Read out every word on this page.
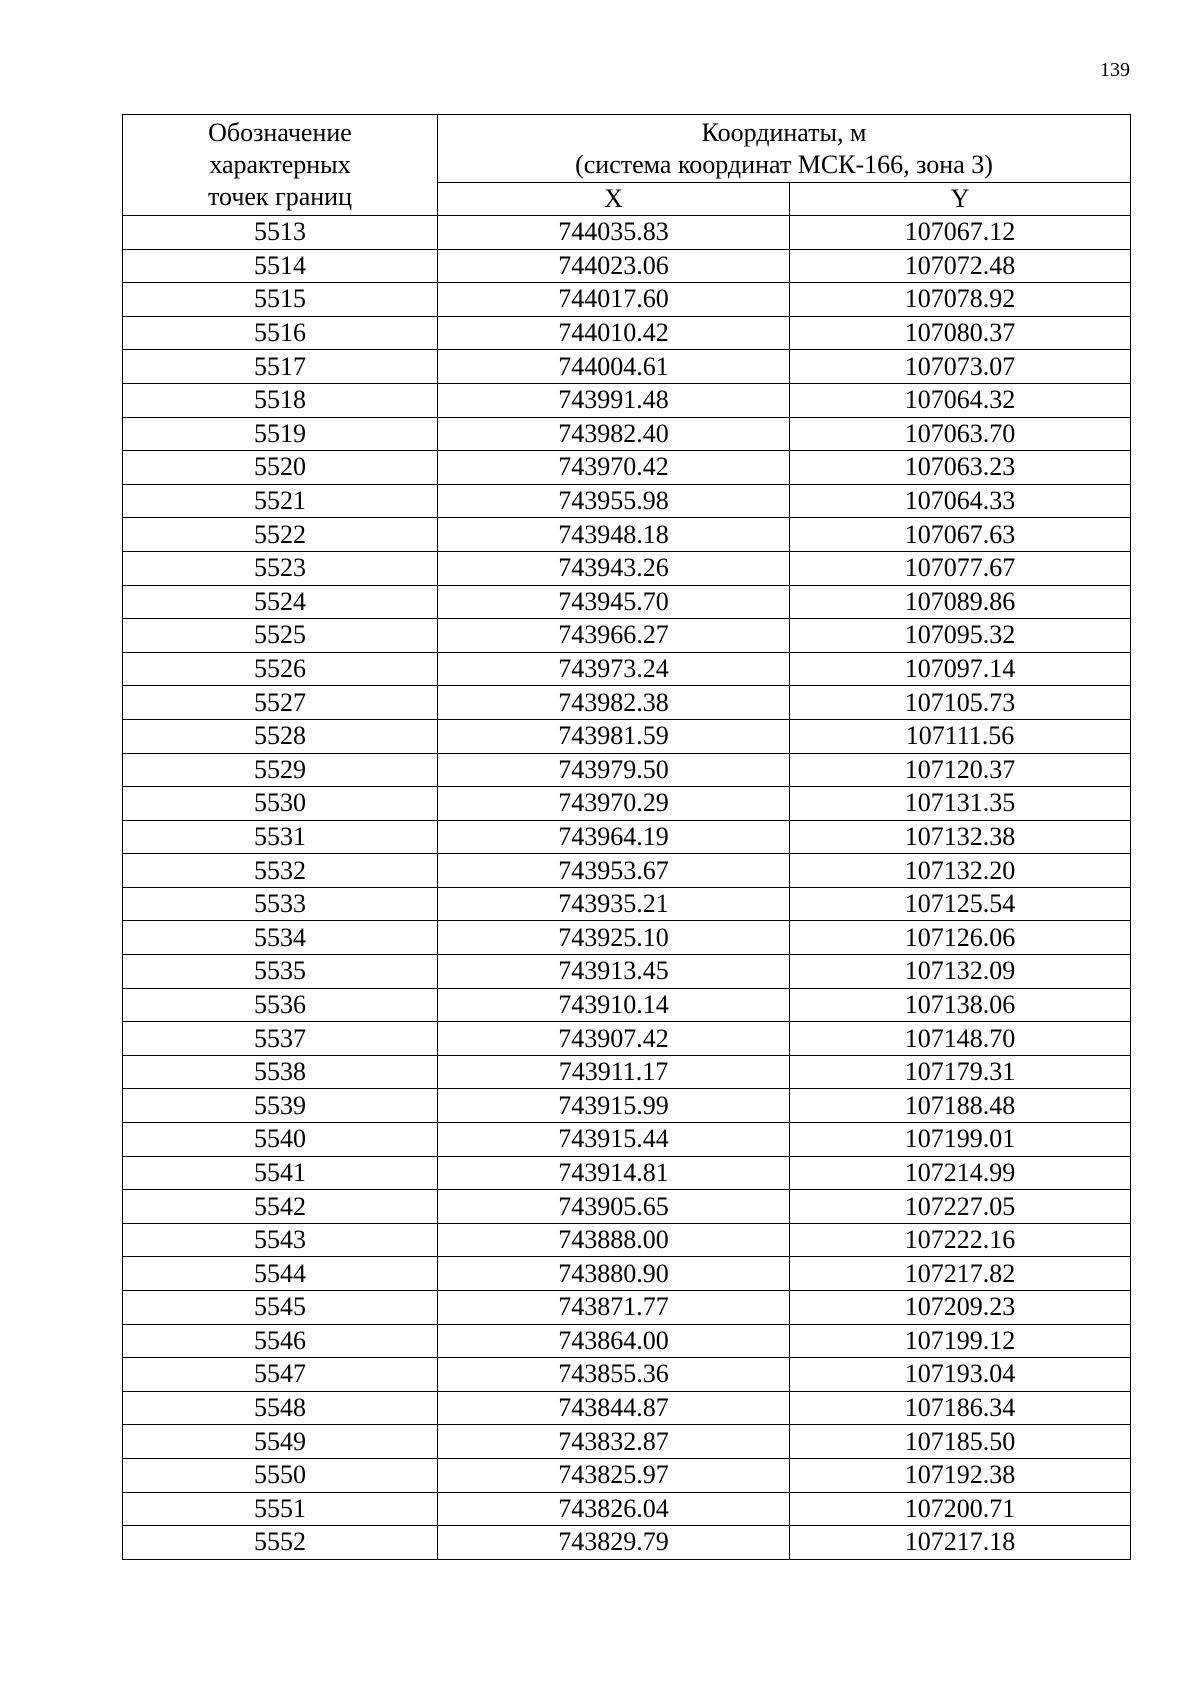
139
Обозначение
характерных
точек границ	Координаты, м
(система координат МСК-166, зона 3)	

	X	Y
5513	744035.83	107067.12
5514	744023.06	107072.48
5515	744017.60	107078.92
5516	744010.42	107080.37
5517	744004.61	107073.07
5518	743991.48	107064.32
5519	743982.40	107063.70
5520	743970.42	107063.23
5521	743955.98	107064.33
5522	743948.18	107067.63
5523	743943.26	107077.67
5524	743945.70	107089.86
5525	743966.27	107095.32
5526	743973.24	107097.14
5527	743982.38	107105.73
5528	743981.59	107111.56
5529	743979.50	107120.37
5530	743970.29	107131.35
5531	743964.19	107132.38
5532	743953.67	107132.20
5533	743935.21	107125.54
5534	743925.10	107126.06
5535	743913.45	107132.09
5536	743910.14	107138.06
5537	743907.42	107148.70
5538	743911.17	107179.31
5539	743915.99	107188.48
5540	743915.44	107199.01
5541	743914.81	107214.99
5542	743905.65	107227.05
5543	743888.00	107222.16
5544	743880.90	107217.82
5545	743871.77	107209.23
5546	743864.00	107199.12
5547	743855.36	107193.04
5548	743844.87	107186.34
5549	743832.87	107185.50
5550	743825.97	107192.38
5551	743826.04	107200.71
5552	743829.79	107217.18
